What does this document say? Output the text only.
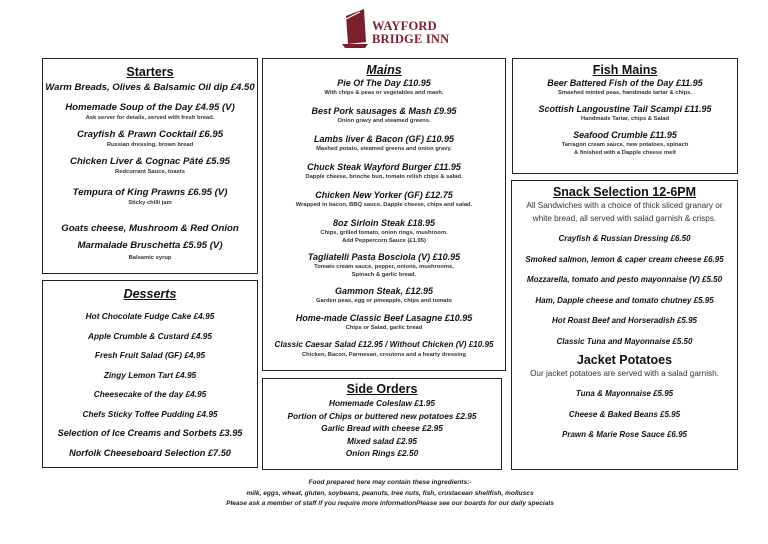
WAYFORD
BRIDGE INN
Starters
Warm Breads, Olives & Balsamic Oil dip £4.50
Homemade Soup of the Day £4.95 (V)
Ask server for details, served with fresh bread.
Crayfish & Prawn Cocktail £6.95
Russian dressing, brown bread
Chicken Liver & Cognac Pâté £5.95
Redcurrant Sauce, toasts
Tempura of King Prawns £6.95 (V)
Sticky chilli jam
Goats cheese, Mushroom & Red Onion
Marmalade Bruschetta £5.95 (V)
Balsamic syrup
Desserts
Hot Chocolate Fudge Cake £4.95
Apple Crumble & Custard £4.95
Fresh Fruit Salad (GF) £4.95
Zingy Lemon Tart £4.95
Cheesecake of the day £4.95
Chefs Sticky Toffee Pudding £4.95
Selection of Ice Creams and Sorbets £3.95
Norfolk Cheeseboard Selection £7.50
Mains
Pie Of The Day £10.95
With chips & peas or vegetables and mash.
Best Pork sausages & Mash £9.95
Onion gravy and steamed greens.
Lambs liver & Bacon (GF) £10.95
Mashed potato, steamed greens and onion gravy.
Chuck Steak Wayford Burger £11.95
Dapple cheese, brioche bun, tomato relish chips & salad.
Chicken New Yorker (GF) £12.75
Wrapped in bacon, BBQ sauce, Dapple cheese, chips and salad.
8oz Sirloin Steak £18.95
Chips, grilled tomato, onion rings, mushroom.
Add Peppercorn Sauce (£1.95)
Tagliatelli Pasta Bosciola (V) £10.95
Tomato cream sauce, pepper, onions, mushrooms,
Spinach & garlic bread.
Gammon Steak, £12.95
Garden peas, egg or pineapple, chips and tomato
Home-made Classic Beef Lasagne £10.95
Chips or Salad, garlic bread
Classic Caesar Salad £12.95 / Without Chicken (V) £10.95
Chicken, Bacon, Parmesan, croutons and a hearty dressing
Side Orders
Homemade Coleslaw £1.95
Portion of Chips or buttered new potatoes £2.95
Garlic Bread with cheese £2.95
Mixed salad £2.95
Onion Rings £2.50
Fish Mains
Beer Battered Fish of the Day £11.95
Smashed minted peas, handmade tartar & chips.
Scottish Langoustine Tail Scampi £11.95
Handmade Tartar, chips & Salad
Seafood Crumble £11.95
Tarragon cream sauce, new potatoes, spinach
& finished with a Dapple cheese melt
Snack Selection 12-6PM
All Sandwiches with a choice of thick sliced granary or
white bread, all served with salad garnish & crisps.
Crayfish & Russian Dressing £6.50
Smoked salmon, lemon & caper cream cheese £6.95
Mozzarella, tomato and pesto mayonnaise (V) £5.50
Ham, Dapple cheese and tomato chutney £5.95
Hot Roast Beef and Horseradish £5.95
Classic Tuna and Mayonnaise £5.50
Jacket Potatoes
Our jacket potatoes are served with a salad garnish.
Tuna & Mayonnaise £5.95
Cheese & Baked Beans £5.95
Prawn & Marie Rose Sauce £6.95
Food prepared here may contain these ingredients:-
milk, eggs, wheat, gluten, soybeans, peanuts, tree nuts, fish, crustacean shellfish, molluscs
Please ask a member of staff if you require more informationPlease see our boards for our daily specials
